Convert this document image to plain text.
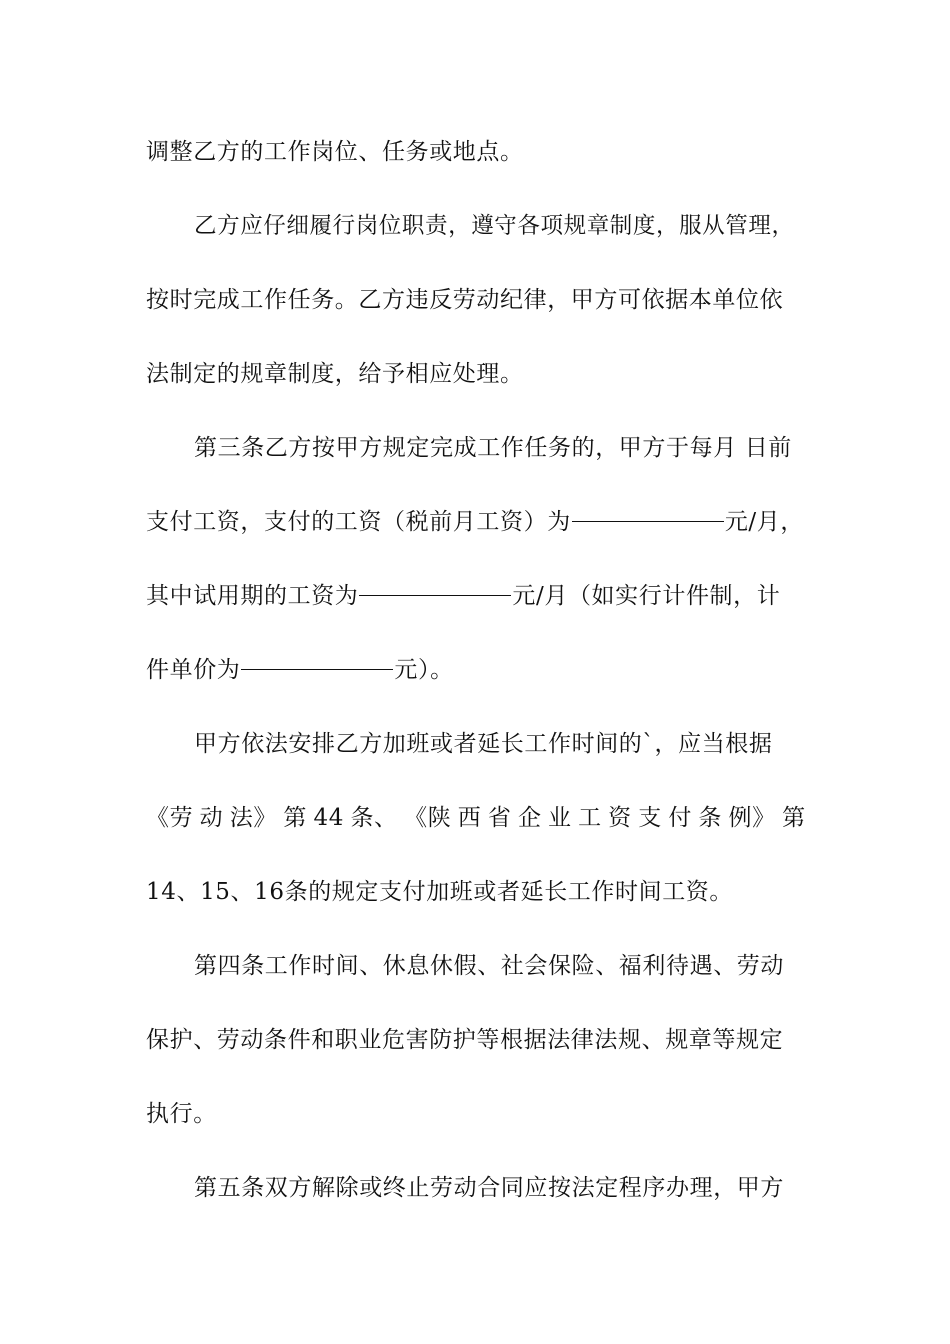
调整乙方的工作岗位、任务或地点。
乙方应仔细履行岗位职责，遵守各项规章制度，服从管理，
按时完成工作任务。乙方违反劳动纪律，甲方可依据本单位依
法制定的规章制度，给予相应处理。
第三条乙方按甲方规定完成工作任务的，甲方于每月 日前
支付工资，支付的工资（税前月工资）为	元/月，
其中试用期的工资为	元/月（如实行计件制，计
件单价为	元）。
甲方依法安排乙方加班或者延长工作时间的`，应当根据
《劳 动 法》 第 44 条、 《陕 西 省 企 业 工 资 支 付 条 例》 第
14、15、16条的规定支付加班或者延长工作时间工资。
第四条工作时间、休息休假、社会保险、福利待遇、劳动
保护、劳动条件和职业危害防护等根据法律法规、规章等规定
执行。
第五条双方解除或终止劳动合同应按法定程序办理，甲方
